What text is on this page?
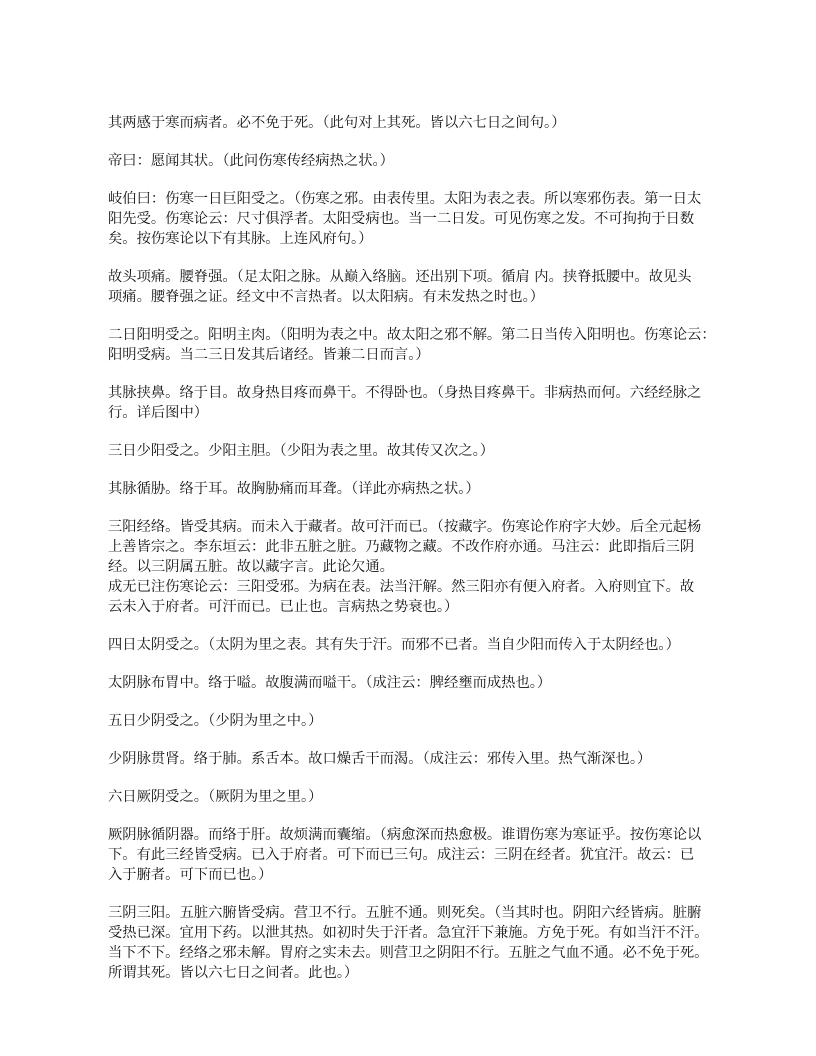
其两感于寒而病者。必不免于死。（此句对上其死。皆以六七日之间句。）

帝曰：愿闻其状。（此问伤寒传经病热之状。）

岐伯曰：伤寒一日巨阳受之。（伤寒之邪。由表传里。太阳为表之表。所以寒邪伤表。第一日太
阳先受。伤寒论云：尺寸俱浮者。太阳受病也。当一二日发。可见伤寒之发。不可拘拘于日数
矣。按伤寒论以下有其脉。上连风府句。）

故头项痛。腰脊强。（足太阳之脉。从巅入络脑。还出别下项。循肩 内。挟脊抵腰中。故见头
项痛。腰脊强之证。经文中不言热者。以太阳病。有未发热之时也。）

二日阳明受之。阳明主肉。（阳明为表之中。故太阳之邪不解。第二日当传入阳明也。伤寒论云：
阳明受病。当二三日发其后诸经。皆兼二日而言。）

其脉挟鼻。络于目。故身热目疼而鼻干。不得卧也。（身热目疼鼻干。非病热而何。六经经脉之
行。详后图中）

三日少阳受之。少阳主胆。（少阳为表之里。故其传又次之。）

其脉循胁。络于耳。故胸胁痛而耳聋。（详此亦病热之状。）

三阳经络。皆受其病。而未入于藏者。故可汗而已。（按藏字。伤寒论作府字大妙。后全元起杨
上善皆宗之。李东垣云：此非五脏之脏。乃藏物之藏。不改作府亦通。马注云：此即指后三阴
经。以三阴属五脏。故以藏字言。此论欠通。
成无已注伤寒论云：三阳受邪。为病在表。法当汗解。然三阳亦有便入府者。入府则宜下。故
云未入于府者。可汗而已。已止也。言病热之势衰也。）

四日太阴受之。（太阴为里之表。其有失于汗。而邪不已者。当自少阳而传入于太阴经也。）

太阴脉布胃中。络于嗌。故腹满而嗌干。（成注云：脾经壅而成热也。）

五日少阴受之。（少阴为里之中。）

少阴脉贯肾。络于肺。系舌本。故口燥舌干而渴。（成注云：邪传入里。热气渐深也。）

六日厥阴受之。（厥阴为里之里。）

厥阴脉循阴器。而络于肝。故烦满而囊缩。（病愈深而热愈极。谁谓伤寒为寒证乎。按伤寒论以
下。有此三经皆受病。已入于府者。可下而已三句。成注云：三阴在经者。犹宜汗。故云：已
入于腑者。可下而已也。）

三阴三阳。五脏六腑皆受病。营卫不行。五脏不通。则死矣。（当其时也。阴阳六经皆病。脏腑
受热已深。宜用下药。以泄其热。如初时失于汗者。急宜汗下兼施。方免于死。有如当汗不汗。
当下不下。经络之邪未解。胃府之实未去。则营卫之阴阳不行。五脏之气血不通。必不免于死。
所谓其死。皆以六七日之间者。此也。）
